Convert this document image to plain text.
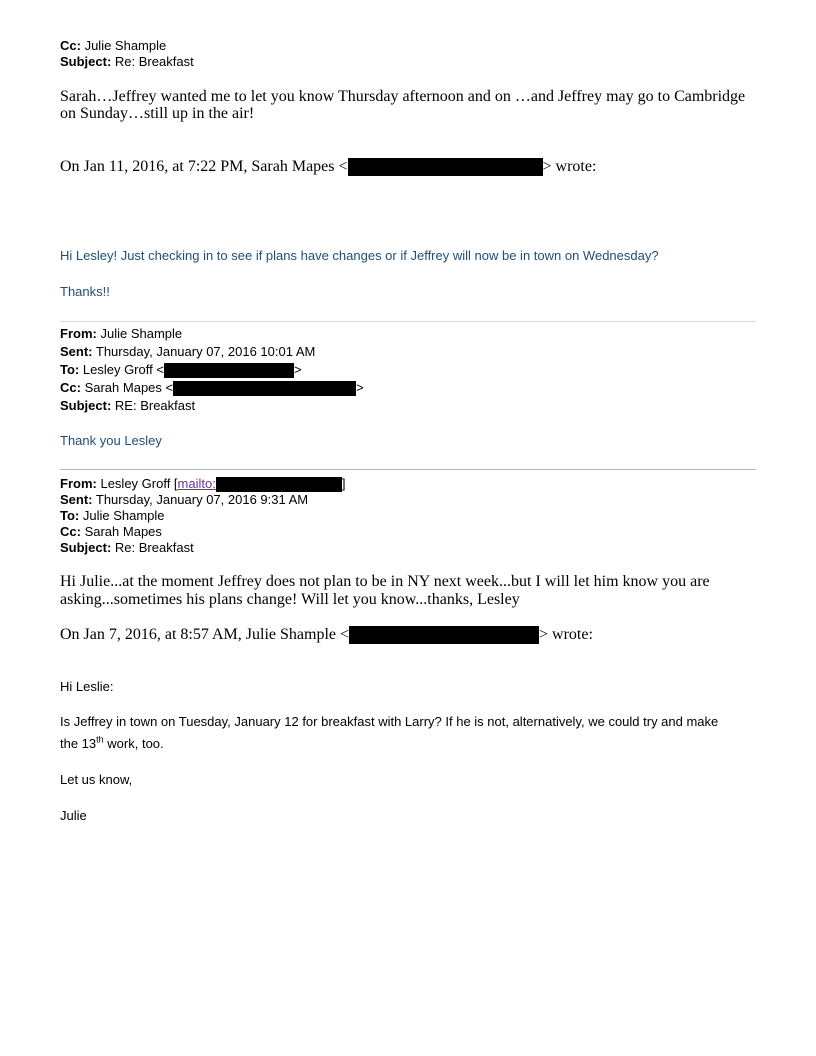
Cc: Julie Shample
Subject: Re: Breakfast
Sarah…Jeffrey wanted me to let you know Thursday afternoon and on …and Jeffrey may go to Cambridge
on Sunday…still up in the air!
On Jan 11, 2016, at 7:22 PM, Sarah Mapes <	> wrote:
Hi Lesley! Just checking in to see if plans have changes or if Jeffrey will now be in town on Wednesday?
Thanks!!
From: Julie Shample
Sent: Thursday, January 07, 2016 10:01 AM
To: Lesley Groff <	>
Cc: Sarah Mapes <	>
Subject: RE: Breakfast
Thank you Lesley
From: Lesley Groff [mailto:	]
Sent: Thursday, January 07, 2016 9:31 AM
To: Julie Shample
Cc: Sarah Mapes
Subject: Re: Breakfast
Hi Julie...at the moment Jeffrey does not plan to be in NY next week...but I will let him know you are
asking...sometimes his plans change! Will let you know...thanks, Lesley
On Jan 7, 2016, at 8:57 AM, Julie Shample <	> wrote:
Hi Leslie:
Is Jeffrey in town on Tuesday, January 12 for breakfast with Larry? If he is not, alternatively, we could try and make
the 13th work, too.
Let us know,
Julie
